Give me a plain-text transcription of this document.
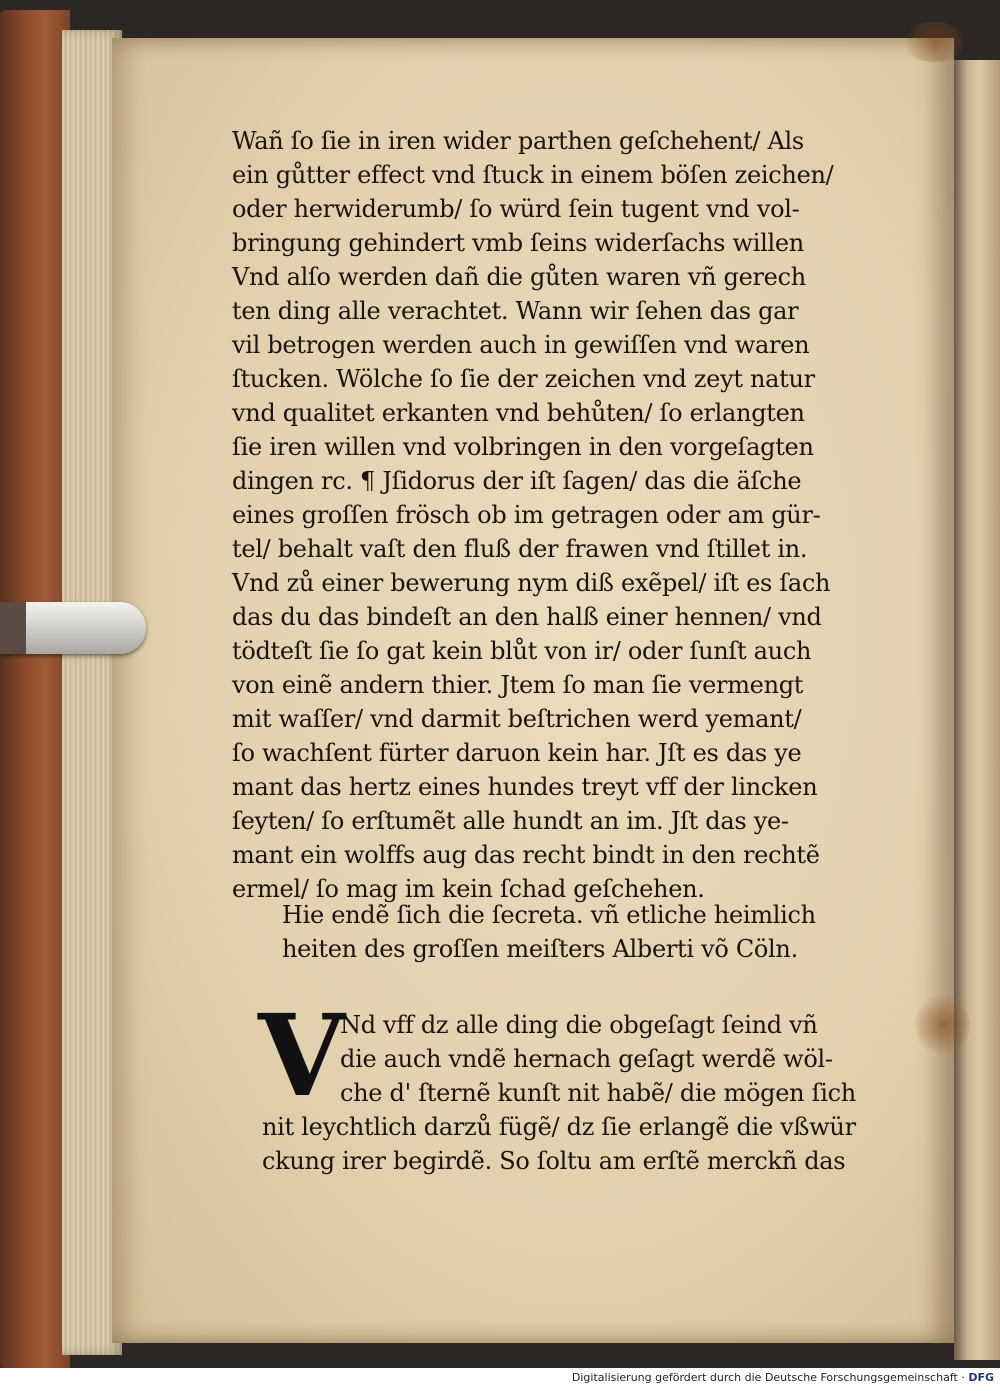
Wañ ſo ſie in iren wider parthen geſchehent/ Als
ein gůtter effect vnd ſtuck in einem böſen zeichen/
oder herwiderumb/ ſo würd ſein tugent vnd vol-
bringung gehindert vmb ſeins widerſachs willen
Vnd alſo werden dañ die gůten waren vñ gerech
ten ding alle verachtet. Wann wir ſehen das gar
vil betrogen werden auch in gewiſſen vnd waren
ſtucken. Wölche ſo ſie der zeichen vnd zeyt natur
vnd qualitet erkanten vnd behůten/ ſo erlangten
ſie iren willen vnd volbringen in den vorgeſagten
dingen rc. ¶ Jſidorus der iſt ſagen/ das die äſche
eines groſſen frösch ob im getragen oder am gür-
tel/ behalt vaſt den fluß der frawen vnd ſtillet in.
Vnd zů einer bewerung nym diß exẽpel/ iſt es ſach
das du das bindeſt an den halß einer hennen/ vnd
tödteſt ſie ſo gat kein blůt von ir/ oder ſunſt auch
von einẽ andern thier. Jtem ſo man ſie vermengt
mit waſſer/ vnd darmit beſtrichen werd yemant/
ſo wachſent fürter daruon kein har. Jſt es das ye
mant das hertz eines hundes treyt vff der lincken
ſeyten/ ſo erſtumẽt alle hundt an im. Jſt das ye-
mant ein wolffs aug das recht bindt in den rechtẽ
ermel/ ſo mag im kein ſchad geſchehen.
Hie endẽ ſich die ſecreta. vñ etliche heimlich
heiten des groſſen meiſters Alberti võ Cöln.
V
Nd vff dz alle ding die obgeſagt ſeind vñ
die auch vndẽ hernach geſagt werdẽ wöl-
che d' ſternẽ kunſt nit habẽ/ die mögen ſich
nit leychtlich darzů fügẽ/ dz ſie erlangẽ die vßwür
ckung irer begirdẽ. So ſoltu am erſtẽ merckñ das
Digitalisierung gefördert durch die Deutsche Forschungsgemeinschaft · DFG
